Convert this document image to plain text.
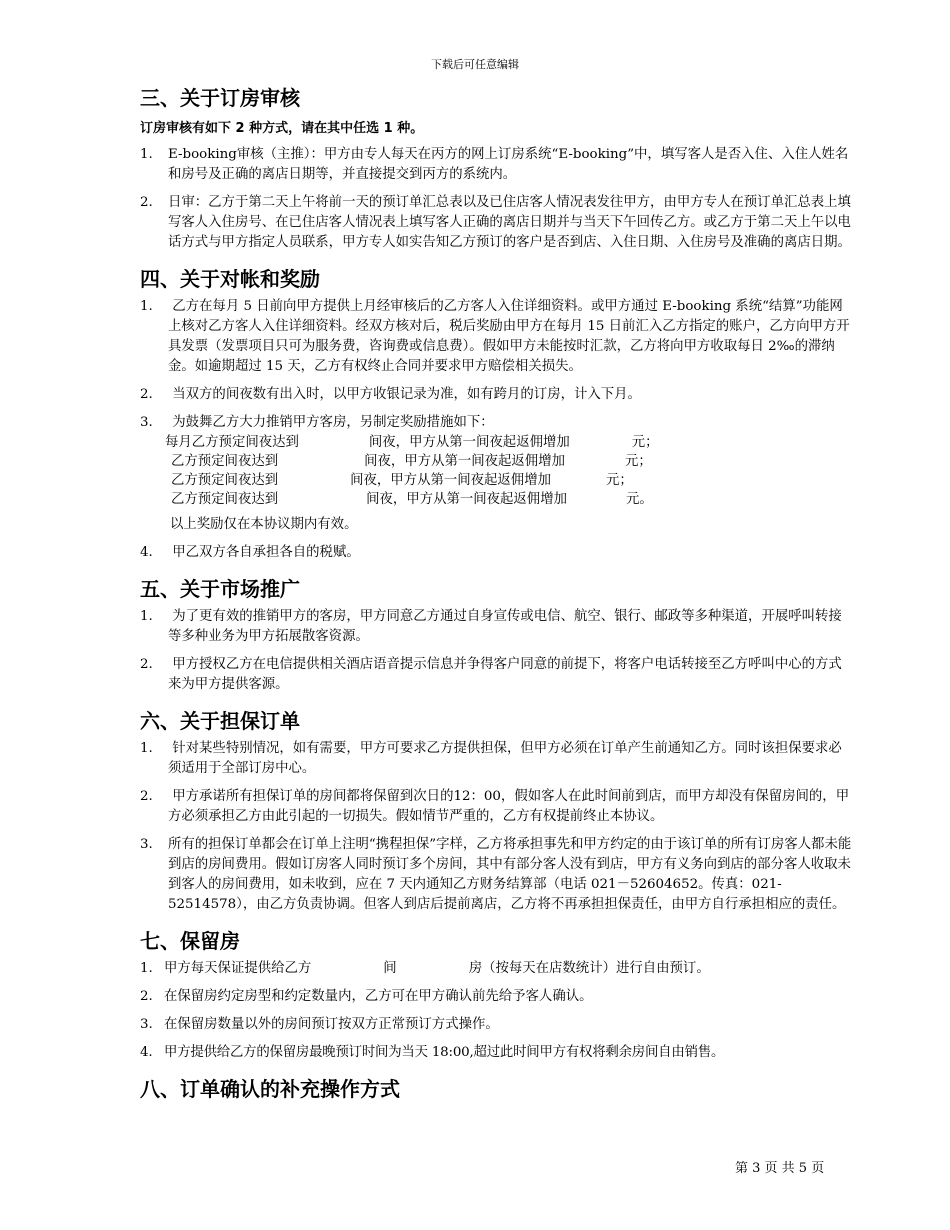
下载后可任意编辑
三、关于订房审核
订房审核有如下 2 种方式，请在其中任选 1 种。
1. E-booking审核（主推）：甲方由专人每天在丙方的网上订房系统“E-booking”中，填写客人是否入住、入住人姓名和房号及正确的离店日期等，并直接提交到丙方的系统内。
2. 日审：乙方于第二天上午将前一天的预订单汇总表以及已住店客人情况表发往甲方，由甲方专人在预订单汇总表上填写客人入住房号、在已住店客人情况表上填写客人正确的离店日期并与当天下午回传乙方。或乙方于第二天上午以电话方式与甲方指定人员联系，甲方专人如实告知乙方预订的客户是否到店、入住日期、入住房号及准确的离店日期。
四、关于对帐和奖励
1. 乙方在每月 5 日前向甲方提供上月经审核后的乙方客人入住详细资料。或甲方通过 E-booking 系统“结算”功能网上核对乙方客人入住详细资料。经双方核对后，税后奖励由甲方在每月 15 日前汇入乙方指定的账户，乙方向甲方开具发票（发票项目只可为服务费，咨询费或信息费）。假如甲方未能按时汇款，乙方将向甲方收取每日 2‰的滞纳金。如逾期超过 15 天，乙方有权终止合同并要求甲方赔偿相关损失。
2. 当双方的间夜数有出入时，以甲方收银记录为准，如有跨月的订房，计入下月。
3. 为鼓舞乙方大力推销甲方客房，另制定奖励措施如下：
每月乙方预定间夜达到	间夜，甲方从第一间夜起返佣增加	元；
乙方预定间夜达到	间夜，甲方从第一间夜起返佣增加	元；
乙方预定间夜达到	间夜，甲方从第一间夜起返佣增加	元；
乙方预定间夜达到	间夜，甲方从第一间夜起返佣增加	元。
以上奖励仅在本协议期内有效。
4. 甲乙双方各自承担各自的税赋。
五、关于市场推广
1. 为了更有效的推销甲方的客房，甲方同意乙方通过自身宣传或电信、航空、银行、邮政等多种渠道，开展呼叫转接等多种业务为甲方拓展散客资源。
2. 甲方授权乙方在电信提供相关酒店语音提示信息并争得客户同意的前提下，将客户电话转接至乙方呼叫中心的方式来为甲方提供客源。
六、关于担保订单
1. 针对某些特别情况，如有需要，甲方可要求乙方提供担保，但甲方必须在订单产生前通知乙方。同时该担保要求必须适用于全部订房中心。
2. 甲方承诺所有担保订单的房间都将保留到次日的12：00，假如客人在此时间前到店，而甲方却没有保留房间的，甲方必须承担乙方由此引起的一切损失。假如情节严重的，乙方有权提前终止本协议。
3. 所有的担保订单都会在订单上注明“携程担保”字样，乙方将承担事先和甲方约定的由于该订单的所有订房客人都未能到店的房间费用。假如订房客人同时预订多个房间，其中有部分客人没有到店，甲方有义务向到店的部分客人收取未到客人的房间费用，如未收到，应在 7 天内通知乙方财务结算部（电话 021－52604652。传真：021-52514578），由乙方负责协调。但客人到店后提前离店，乙方将不再承担担保责任，由甲方自行承担相应的责任。
七、保留房
1. 甲方每天保证提供给乙方	间	房（按每天在店数统计）进行自由预订。
2. 在保留房约定房型和约定数量内，乙方可在甲方确认前先给予客人确认。
3. 在保留房数量以外的房间预订按双方正常预订方式操作。
4. 甲方提供给乙方的保留房最晚预订时间为当天 18:00,超过此时间甲方有权将剩余房间自由销售。
八、订单确认的补充操作方式
第 3 页 共 5 页
